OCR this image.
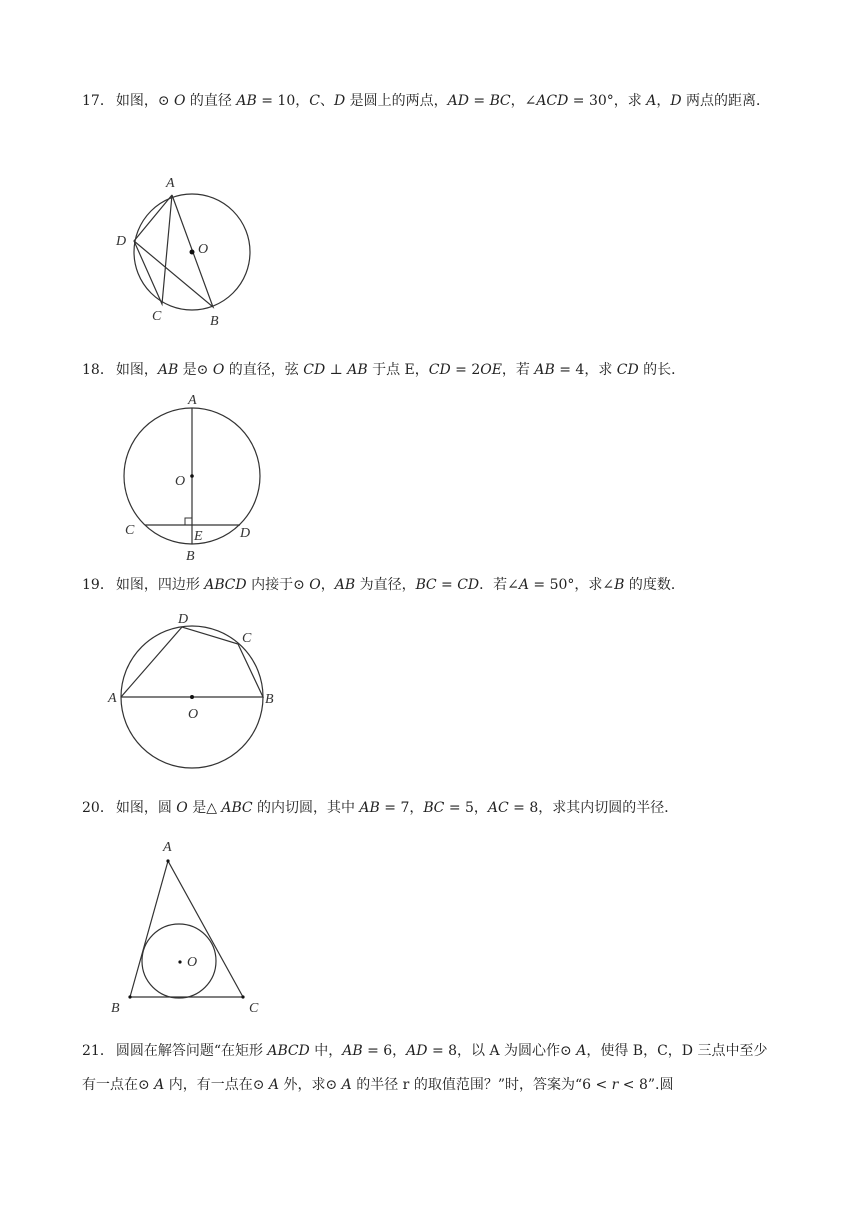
17． 如图，⊙ 𝑂 的直径 𝐴𝐵 = 10，𝐶、𝐷 是圆上的两点，𝐴𝐷 = 𝐵𝐶，∠𝐴𝐶𝐷 = 30°，求 𝐴，𝐷 两点的距离．
A
D
O
C	B
18． 如图，𝐴𝐵 是⊙ 𝑂 的直径，弦 𝐶𝐷 ⊥ 𝐴𝐵 于点 E，𝐶𝐷 = 2𝑂𝐸，若 𝐴𝐵 = 4，求 𝐶𝐷 的长．
A
O
C	E	D
B
19． 如图，四边形 𝐴𝐵𝐶𝐷 内接于⊙ 𝑂，𝐴𝐵 为直径，𝐵𝐶 = 𝐶𝐷．若∠𝐴 = 50°，求∠𝐵 的度数．
D
C
A	B
O
20． 如图，圆 𝑂 是△ 𝐴𝐵𝐶 的内切圆，其中 𝐴𝐵 = 7，𝐵𝐶 = 5，𝐴𝐶 = 8，求其内切圆的半径．
A
O
B	C
21． 圆圆在解答问题“在矩形 𝐴𝐵𝐶𝐷 中，𝐴𝐵 = 6，𝐴𝐷 = 8，以 A 为圆心作⊙ 𝐴，使得 B，C，D 三点中至少有一点在⊙ 𝐴 内，有一点在⊙ 𝐴 外，求⊙ 𝐴 的半径 r 的取值范围？”时，答案为“6 < 𝑟 < 8”.圆
